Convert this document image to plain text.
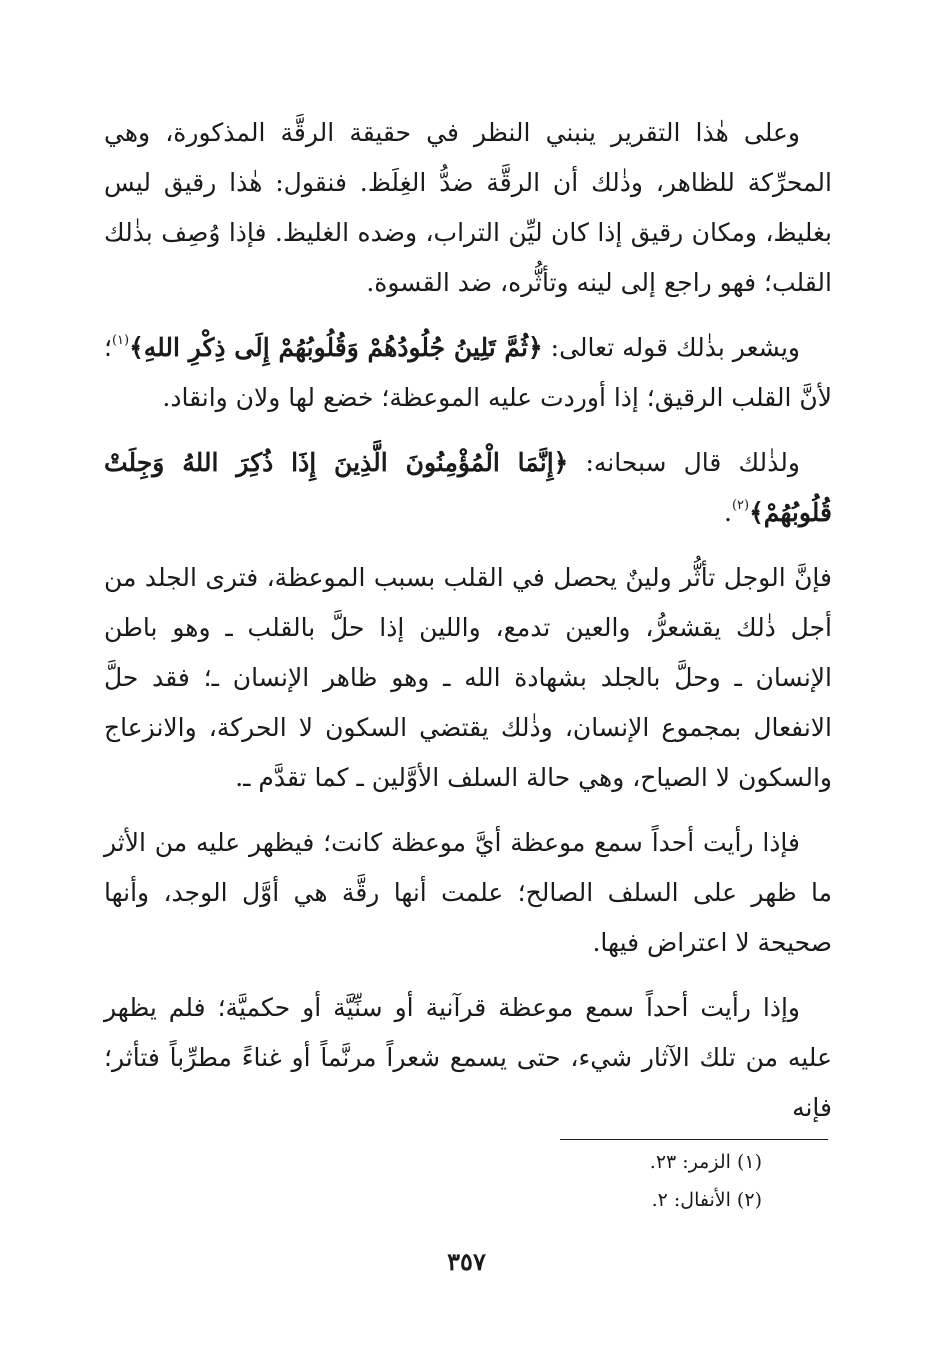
وعلى هٰذا التقرير ينبني النظر في حقيقة الرقَّة المذكورة، وهي المحرِّكة للظاهر، وذٰلك أن الرقَّة ضدُّ الغِلَظ. فنقول: هٰذا رقيق ليس بغليظ، ومكان رقيق إذا كان ليِّن التراب، وضده الغليظ. فإذا وُصِف بذٰلك القلب؛ فهو راجع إلى لينه وتأثُّره، ضد القسوة.

ويشعر بذٰلك قوله تعالى: ﴿ثُمَّ تَلِينُ جُلُودُهُمْ وَقُلُوبُهُمْ إِلَى ذِكْرِ اللهِ﴾$^{(١)}$؛ لأنَّ القلب الرقيق؛ إذا أوردت عليه الموعظة؛ خضع لها ولان وانقاد.

ولذٰلك قال سبحانه: ﴿إِنَّمَا الْمُؤْمِنُونَ الَّذِينَ إِذَا ذُكِرَ اللهُ وَجِلَتْ قُلُوبُهُمْ﴾$^{(٢)}$.

فإنَّ الوجل تأثُّر ولينٌ يحصل في القلب بسبب الموعظة، فترى الجلد من أجل ذٰلك يقشعرُّ، والعين تدمع، واللين إذا حلَّ بالقلب ـ وهو باطن الإنسان ـ وحلَّ بالجلد بشهادة الله ـ وهو ظاهر الإنسان ـ؛ فقد حلَّ الانفعال بمجموع الإنسان، وذٰلك يقتضي السكون لا الحركة، والانزعاج والسكون لا الصياح، وهي حالة السلف الأوَّلين ـ كما تقدَّم ـ.

فإذا رأيت أحداً سمع موعظة أيَّ موعظة كانت؛ فيظهر عليه من الأثر ما ظهر على السلف الصالح؛ علمت أنها رقَّة هي أوَّل الوجد، وأنها صحيحة لا اعتراض فيها.

وإذا رأيت أحداً سمع موعظة قرآنية أو سنِّيَّة أو حكميَّة؛ فلم يظهر عليه من تلك الآثار شيء، حتى يسمع شعراً مرنَّماً أو غناءً مطرِّباً فتأثر؛ فإنه

(١) الزمر: ٢٣.

(٢) الأنفال: ٢.

٣٥٧
